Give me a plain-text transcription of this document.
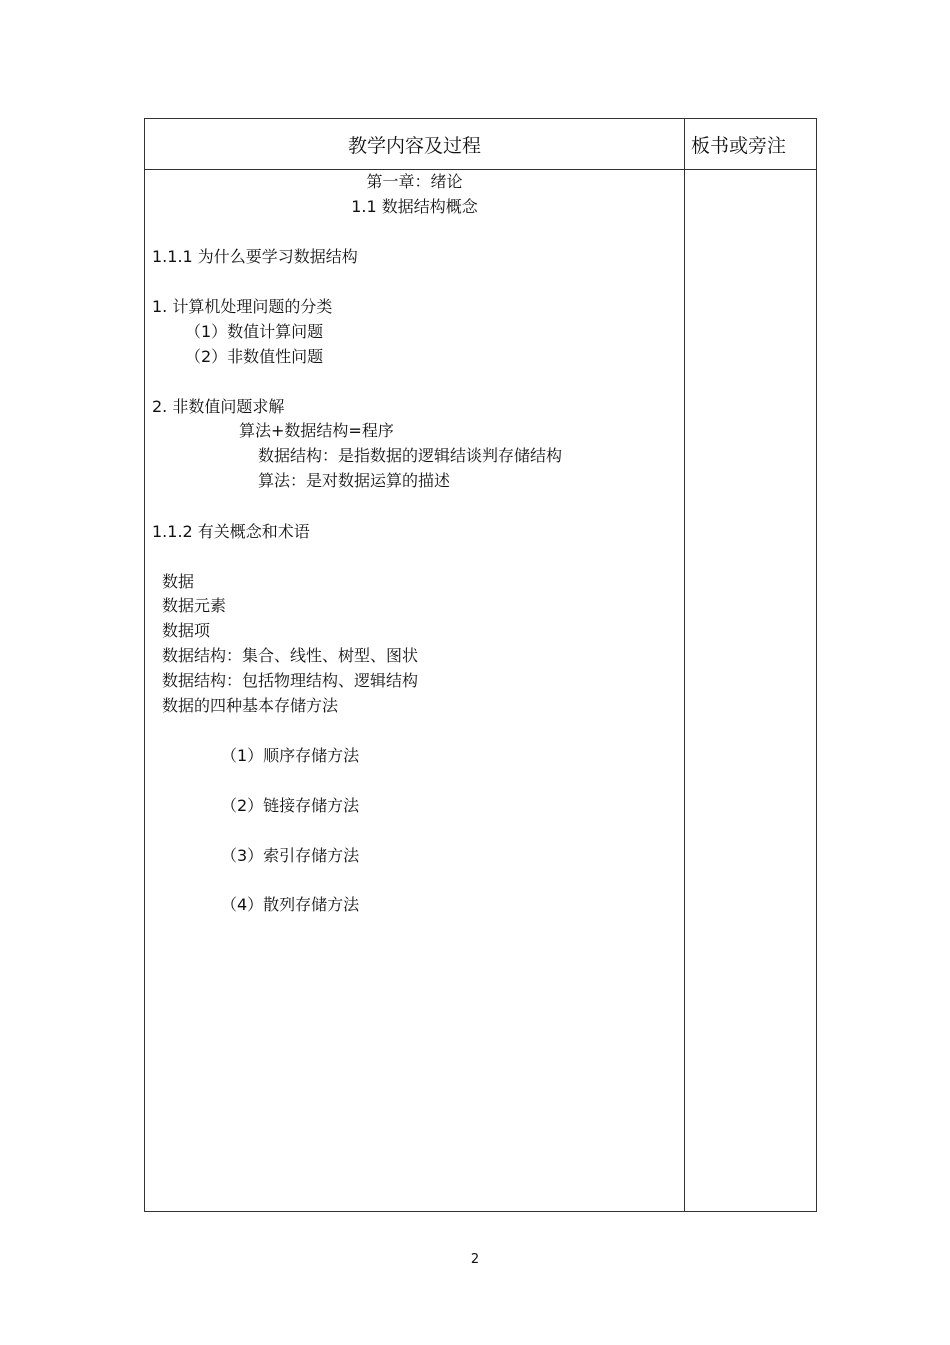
教学内容及过程	板书或旁注
第一章：绪论
1.1 数据结构概念
1.1.1 为什么要学习数据结构
1. 计算机处理问题的分类
（1）数值计算问题
（2）非数值性问题
2. 非数值问题求解
算法+数据结构=程序
数据结构：是指数据的逻辑结谈判存储结构
算法：是对数据运算的描述
1.1.2 有关概念和术语
数据
数据元素
数据项
数据结构：集合、线性、树型、图状
数据结构：包括物理结构、逻辑结构
数据的四种基本存储方法
（1）顺序存储方法
（2）链接存储方法
（3）索引存储方法
（4）散列存储方法
2
